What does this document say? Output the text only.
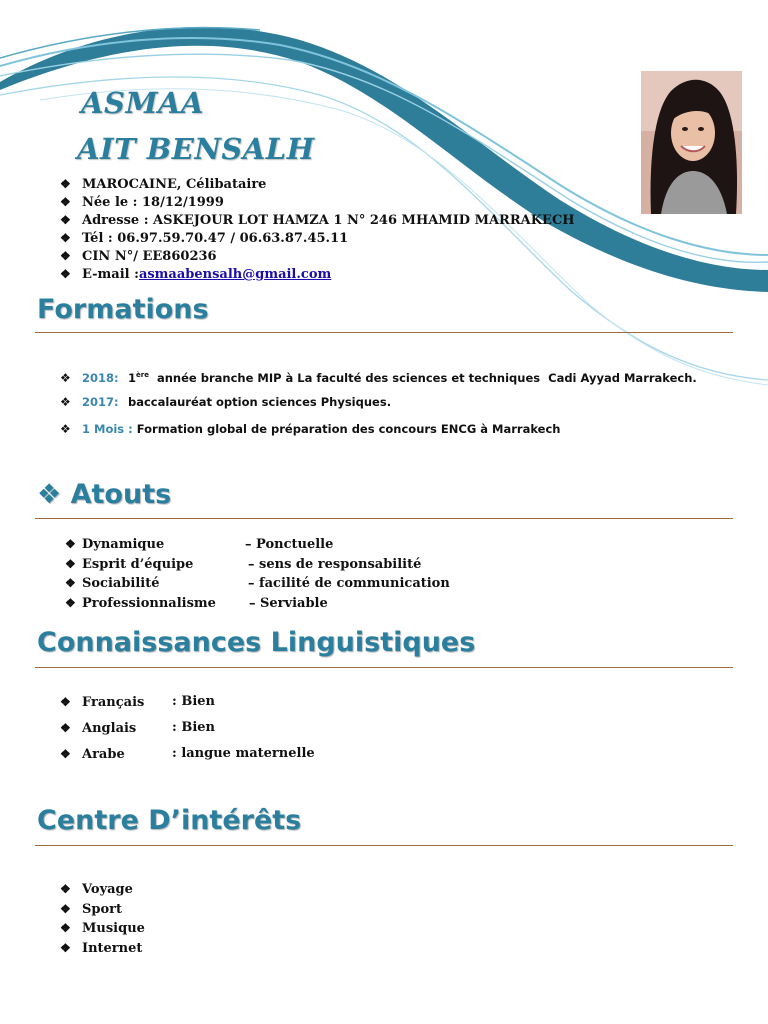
ASMAA
AIT BENSALH
❖ MAROCAINE, Célibataire
❖ Née le : 18/12/1999
❖ Adresse : ASKEJOUR LOT HAMZA 1 N° 246 MHAMID MARRAKECH
❖ Tél : 06.97.59.70.47 / 06.63.87.45.11
❖ CIN N°/ EE860236
❖ E-mail :asmaabensalh@gmail.com
Formations
❖ 2018: 1ère  année branche MIP à La faculté des sciences et techniques  Cadi Ayyad Marrakech.
❖ 2017: baccalauréat option sciences Physiques.
❖ 1 Mois : Formation global de préparation des concours ENCG à Marrakech
❖ Atouts
❖ Dynamique	– Ponctuelle
❖ Esprit d’équipe	– sens de responsabilité
❖ Sociabilité	– facilité de communication
❖ Professionnalisme	– Serviable
Connaissances Linguistiques
❖ Français : Bien
❖ Anglais	: Bien
❖ Arabe	: langue maternelle
Centre D’intérêts
❖ Voyage
❖ Sport
❖ Musique
❖ Internet
